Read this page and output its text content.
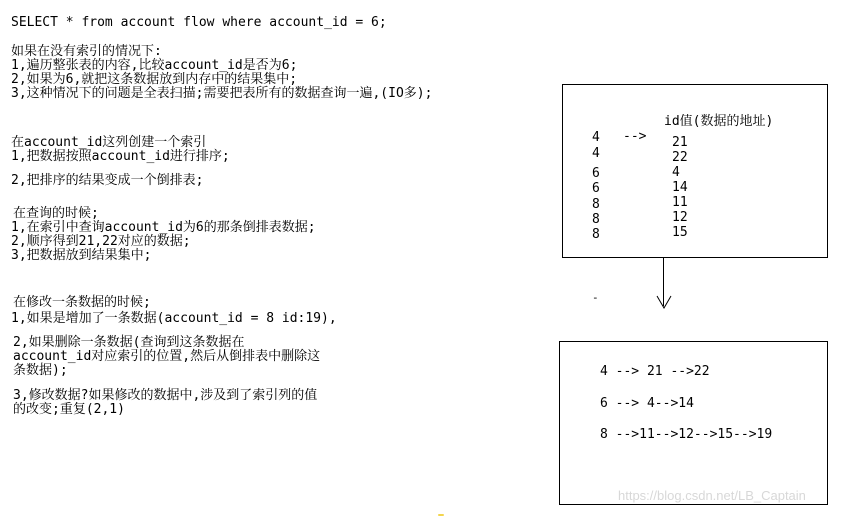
SELECT * from account flow where account_id = 6;
如果在没有索引的情况下:
1,遍历整张表的内容,比较account_id是否为6;
2,如果为6,就把这条数据放到内存中的结果集中;
3,这种情况下的问题是全表扫描;需要把表所有的数据查询一遍,(IO多);
在account_id这列创建一个索引
1,把数据按照account_id进行排序;
2,把排序的结果变成一个倒排表;
在查询的时候;
1,在索引中查询account_id为6的那条倒排表数据;
2,顺序得到21,22对应的数据;
3,把数据放到结果集中;
在修改一条数据的时候;
1,如果是增加了一条数据(account_id = 8 id:19),
2,如果删除一条数据(查询到这条数据在
account_id对应索引的位置,然后从倒排表中删除这
条数据);
3,修改数据?如果修改的数据中,涉及到了索引列的值
的改变;重复(2,1)
id值(数据的地址)
-->
4	21
4	22
6	4
6	14
8	11
8	12
8	15
-
4 --> 21 -->22
6 --> 4-->14
8 -->11-->12-->15-->19
https://blog.csdn.net/LB_Captain
